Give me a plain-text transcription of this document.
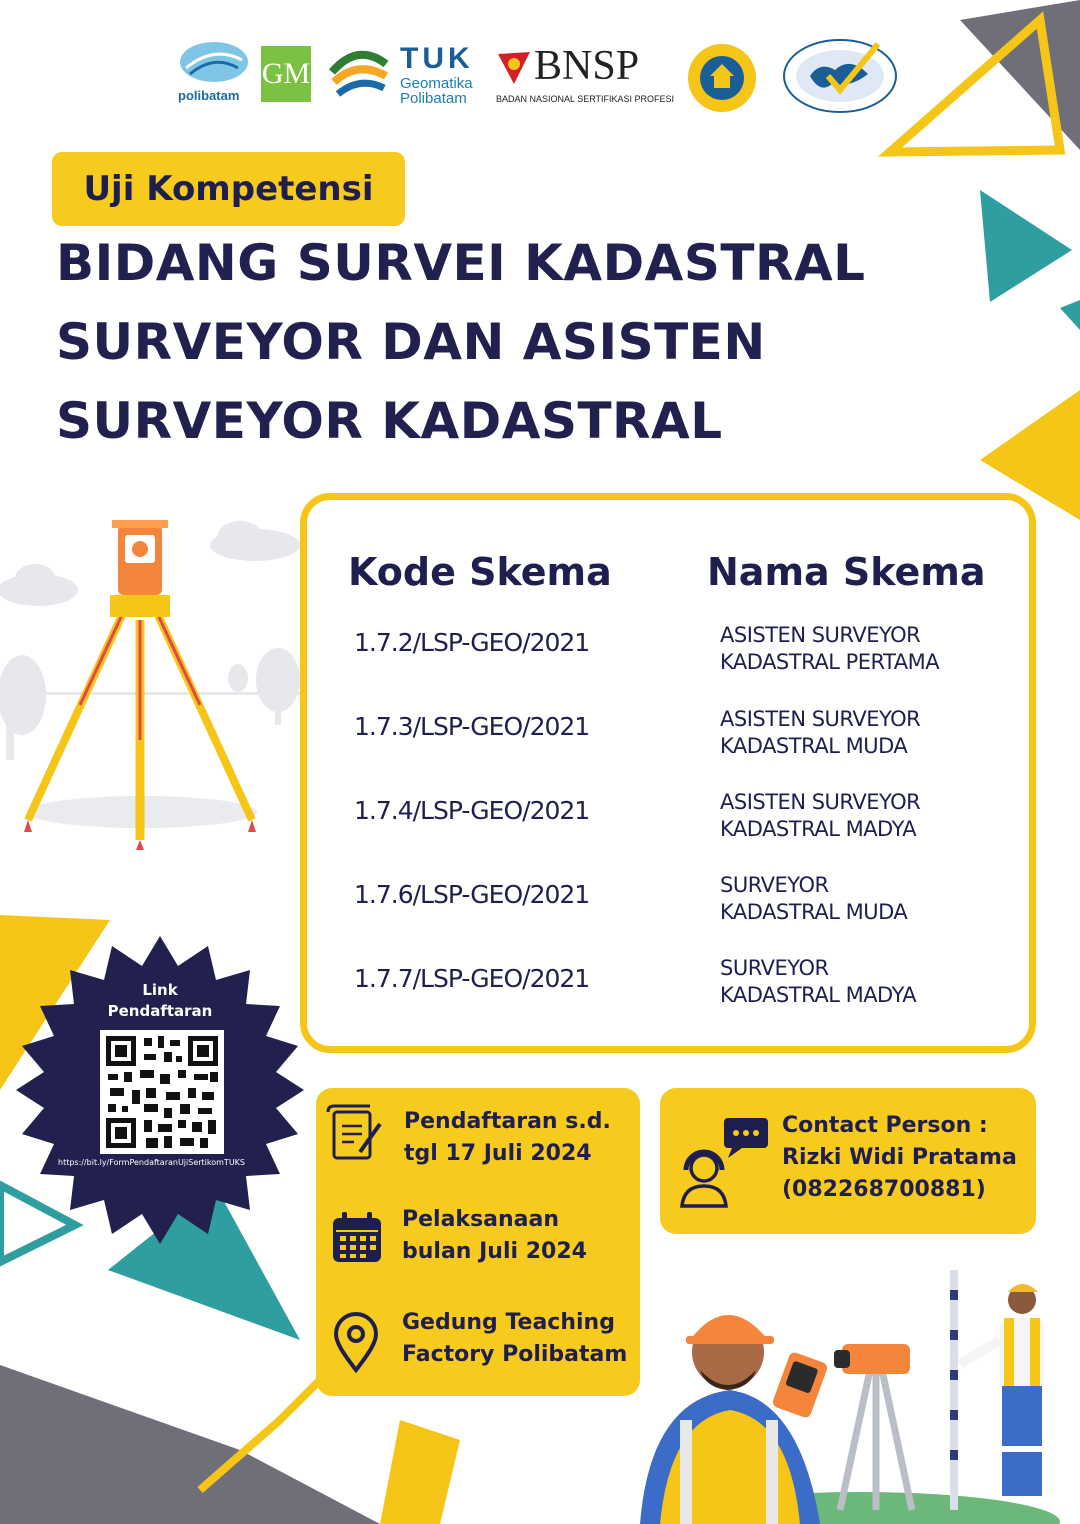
polibatam
GM	TUK
Geomatika
Polibatam
BNSP
BADAN NASIONAL SERTIFIKASI PROFESI
Uji Kompetensi
BIDANG SURVEI KADASTRAL
SURVEYOR DAN ASISTEN
SURVEYOR KADASTRAL
Kode Skema	Nama Skema
1.7.2/LSP-GEO/2021	ASISTEN SURVEYOR
KADASTRAL PERTAMA
1.7.3/LSP-GEO/2021	ASISTEN SURVEYOR
KADASTRAL MUDA
1.7.4/LSP-GEO/2021	ASISTEN SURVEYOR
KADASTRAL MADYA
1.7.6/LSP-GEO/2021	SURVEYOR
KADASTRAL MUDA
1.7.7/LSP-GEO/2021	SURVEYOR
KADASTRAL MADYA
Link
Pendaftaran
https://bit.ly/FormPendaftaranUjiSertikomTUKS
Pendaftaran s.d.
tgl 17 Juli 2024
Pelaksanaan
bulan Juli 2024
Gedung Teaching
Factory Polibatam
Contact Person :
Rizki Widi Pratama
(082268700881)
